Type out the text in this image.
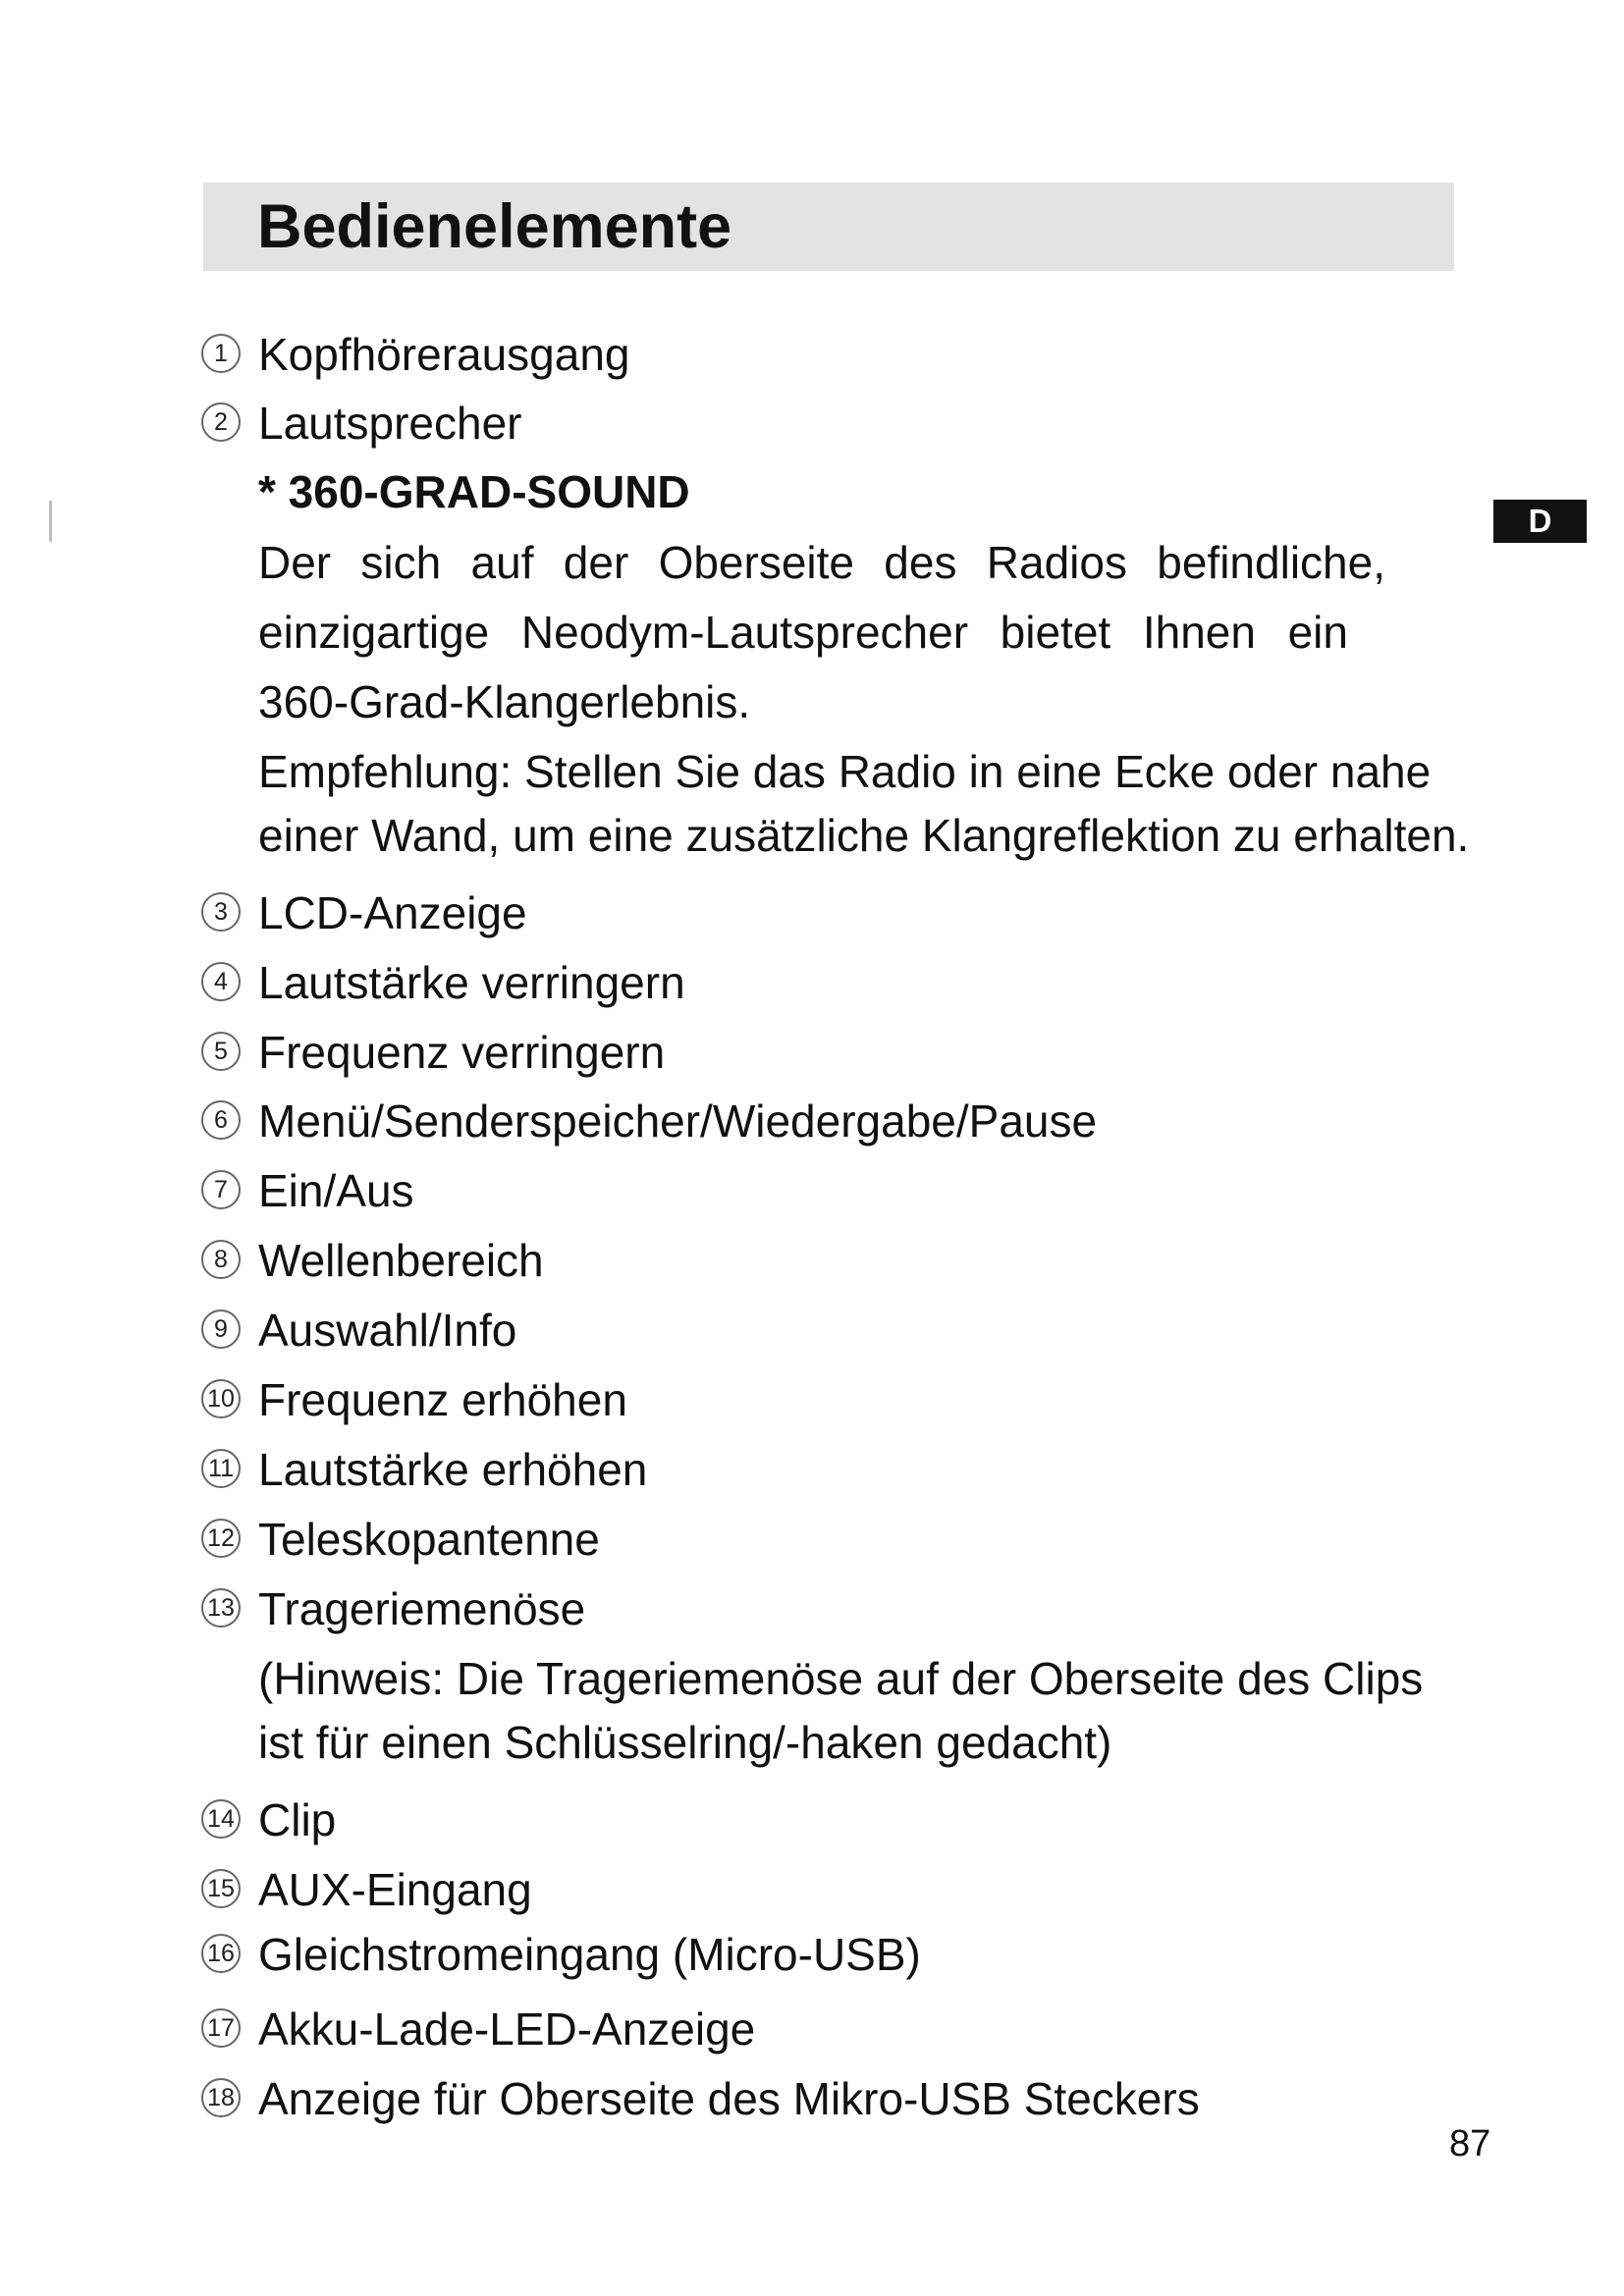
Bedienelemente
D
1 Kopfhörerausgang
2 Lautsprecher
* 360-GRAD-SOUND
Der sich auf der Oberseite des Radios befindliche,
einzigartige Neodym-Lautsprecher bietet Ihnen ein
360-Grad-Klangerlebnis.
Empfehlung: Stellen Sie das Radio in eine Ecke oder nahe
einer Wand, um eine zusätzliche Klangreflektion zu erhalten.
3 LCD-Anzeige
4 Lautstärke verringern
5 Frequenz verringern
6 Menü/Senderspeicher/Wiedergabe/Pause
7 Ein/Aus
8 Wellenbereich
9 Auswahl/Info
10 Frequenz erhöhen
11 Lautstärke erhöhen
12 Teleskopantenne
13 Trageriemenöse
(Hinweis: Die Trageriemenöse auf der Oberseite des Clips
ist für einen Schlüsselring/-haken gedacht)
14 Clip
15 AUX-Eingang
16 Gleichstromeingang (Micro-USB)
17 Akku-Lade-LED-Anzeige
18 Anzeige für Oberseite des Mikro-USB Steckers
87
